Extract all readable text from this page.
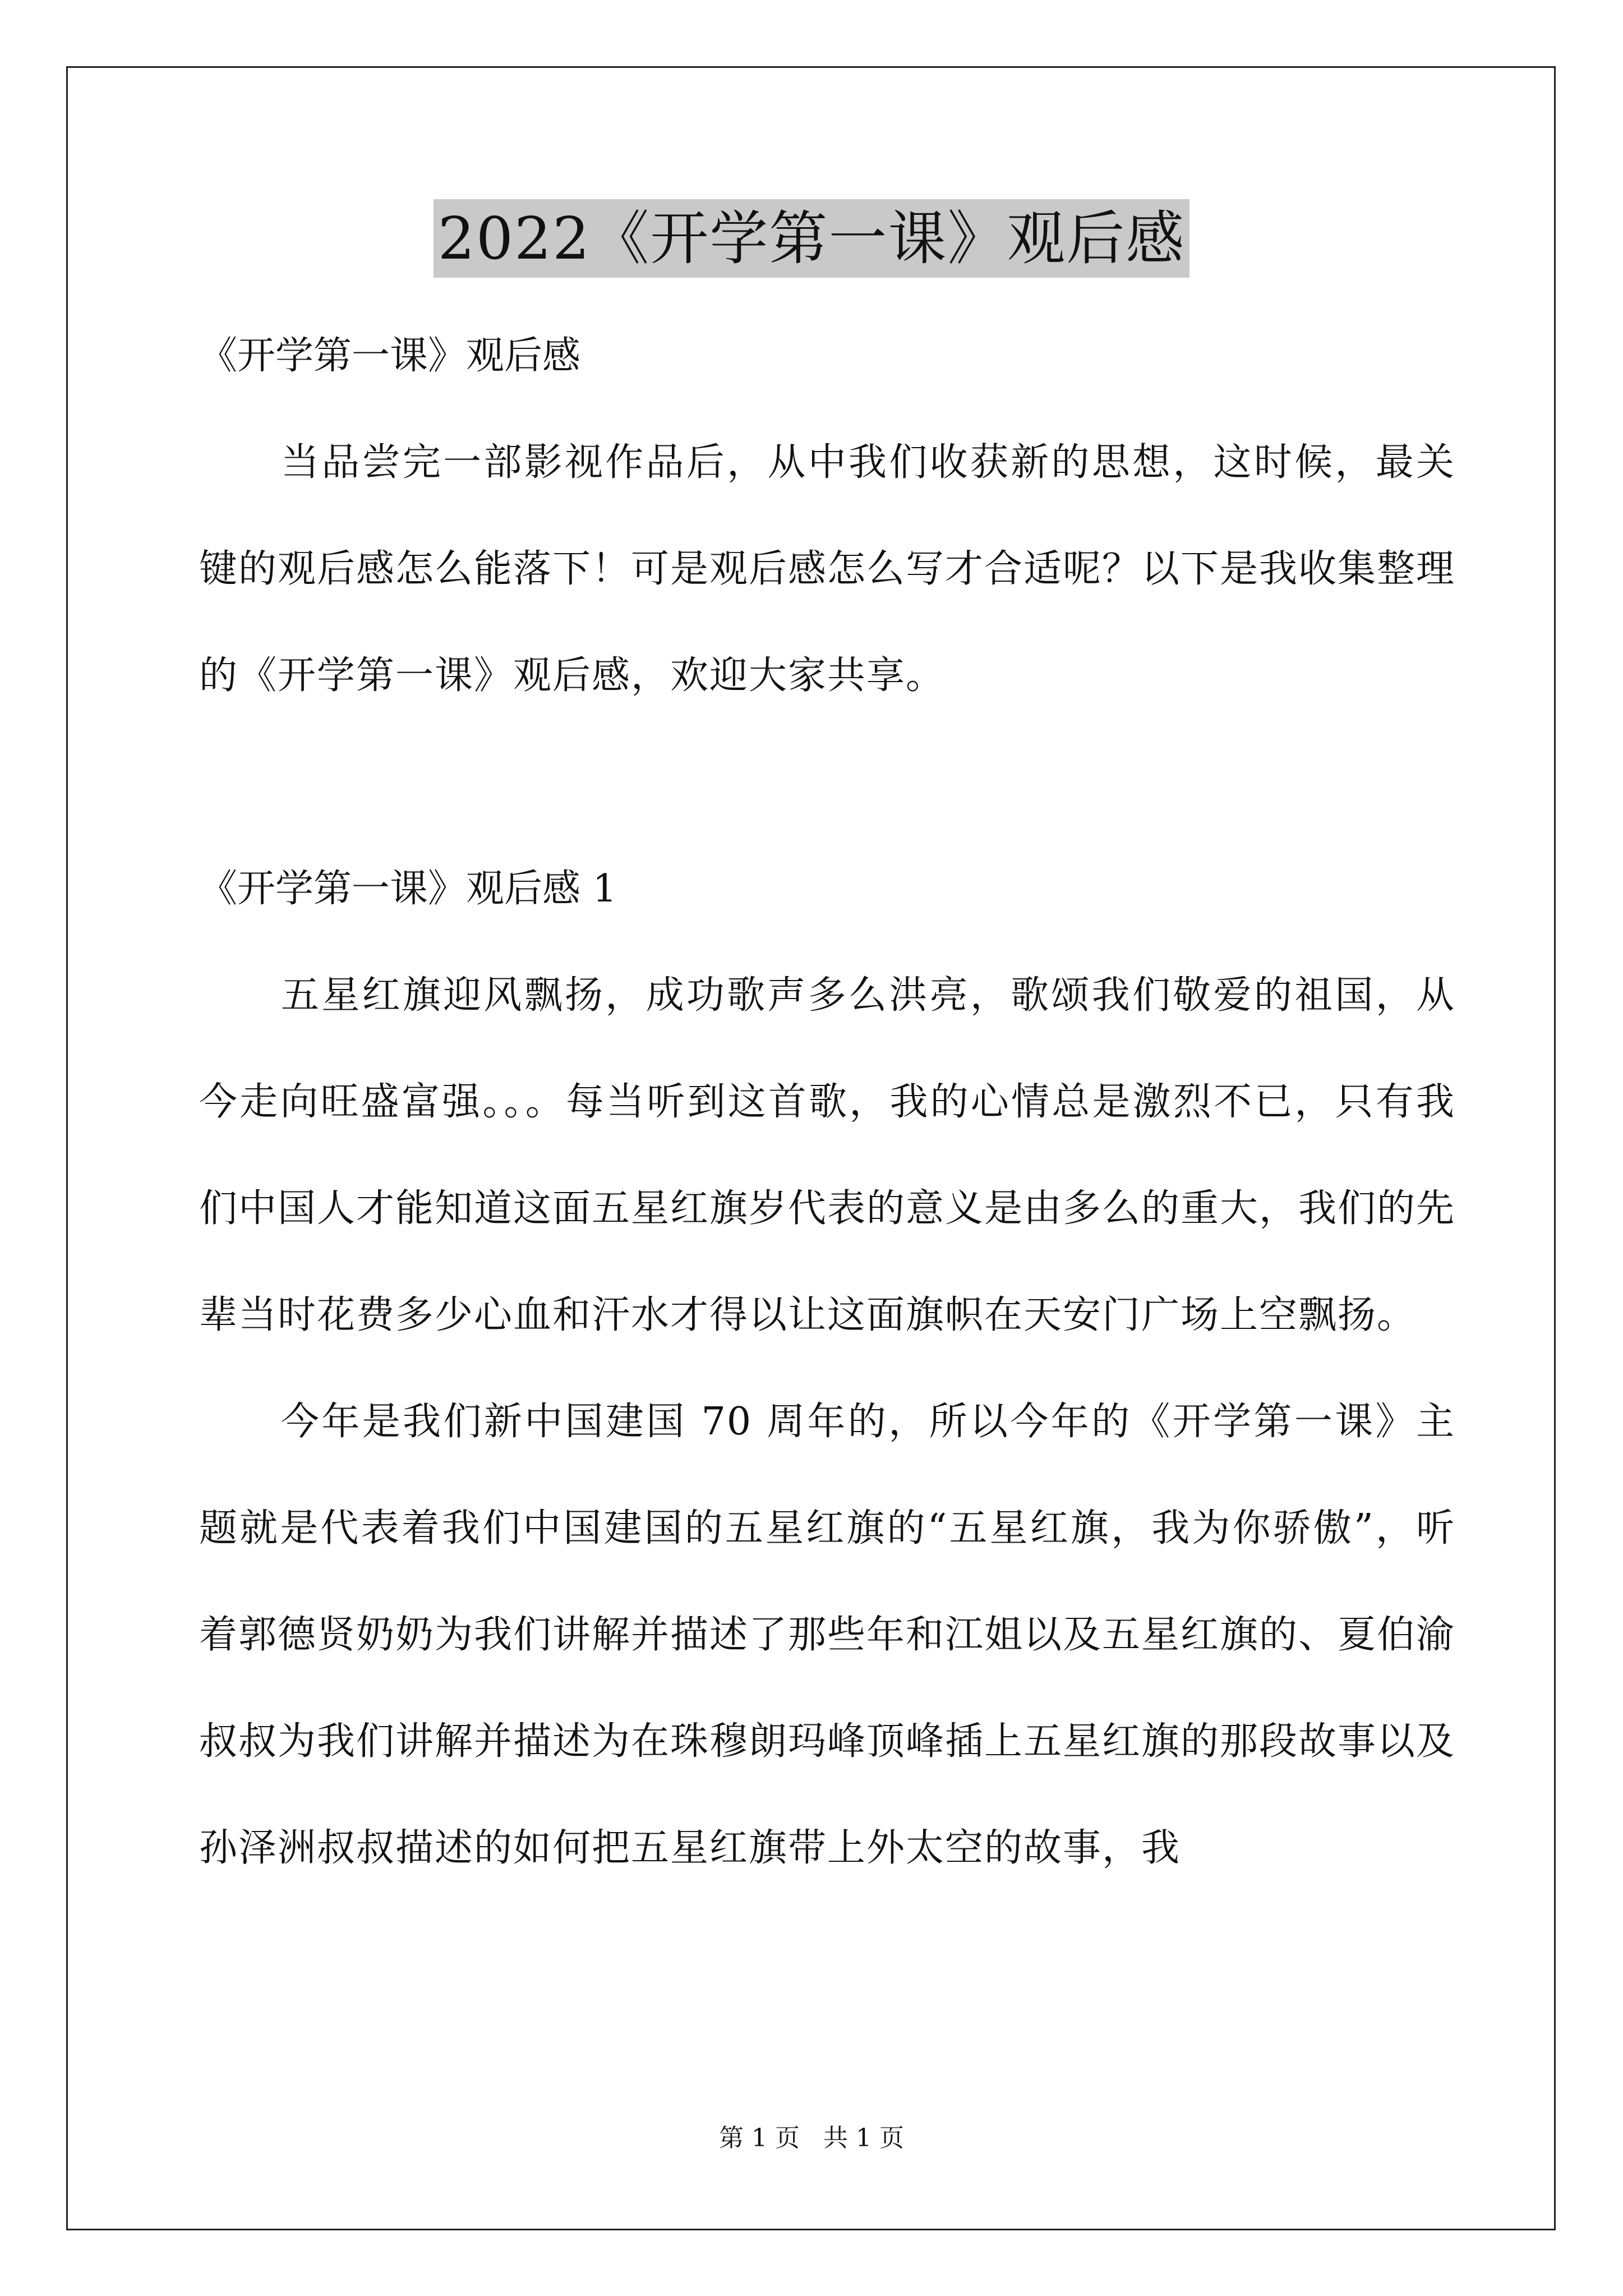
2022《开学第一课》观后感

《开学第一课》观后感

当品尝完一部影视作品后，从中我们收获新的思想，这时候，最关键的观后感怎么能落下！可是观后感怎么写才合适呢？以下是我收集整理的《开学第一课》观后感，欢迎大家共享。

《开学第一课》观后感 1

五星红旗迎风飘扬，成功歌声多么洪亮，歌颂我们敬爱的祖国，从今走向旺盛富强。。。每当听到这首歌，我的心情总是激烈不已，只有我们中国人才能知道这面五星红旗岁代表的意义是由多么的重大，我们的先辈当时花费多少心血和汗水才得以让这面旗帜在天安门广场上空飘扬。

今年是我们新中国建国 70 周年的，所以今年的《开学第一课》主题就是代表着我们中国建国的五星红旗的“五星红旗，我为你骄傲”，听着郭德贤奶奶为我们讲解并描述了那些年和江姐以及五星红旗的、夏伯渝叔叔为我们讲解并描述为在珠穆朗玛峰顶峰插上五星红旗的那段故事以及孙泽洲叔叔描述的如何把五星红旗带上外太空的故事，我

第 1 页   共 1 页
